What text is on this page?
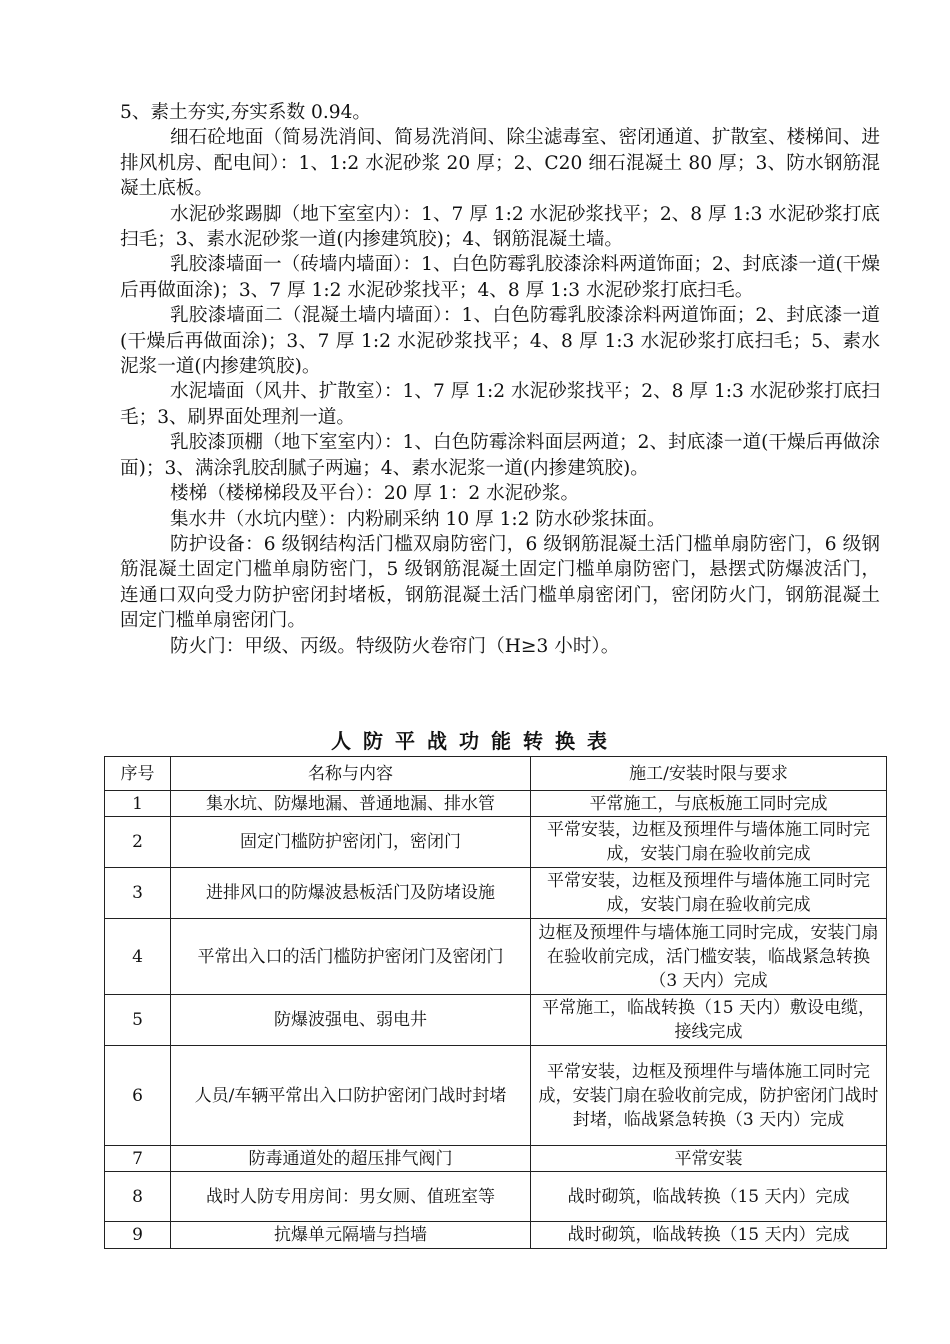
5、素土夯实,夯实系数 0.94。

细石砼地面（简易洗消间、简易洗消间、除尘滤毒室、密闭通道、扩散室、楼梯间、进排风机房、配电间）：1、1:2 水泥砂浆 20 厚；2、C20 细石混凝土 80 厚；3、防水钢筋混凝土底板。

水泥砂浆踢脚（地下室室内）：1、7 厚 1:2 水泥砂浆找平；2、8 厚 1:3 水泥砂浆打底扫毛；3、素水泥砂浆一道(内掺建筑胶)；4、钢筋混凝土墙。

乳胶漆墙面一（砖墙内墙面）：1、白色防霉乳胶漆涂料两道饰面；2、封底漆一道(干燥后再做面涂)；3、7 厚 1:2 水泥砂浆找平；4、8 厚 1:3 水泥砂浆打底扫毛。

乳胶漆墙面二（混凝土墙内墙面）：1、白色防霉乳胶漆涂料两道饰面；2、封底漆一道(干燥后再做面涂)；3、7 厚 1:2 水泥砂浆找平；4、8 厚 1:3 水泥砂浆打底扫毛；5、素水泥浆一道(内掺建筑胶)。

水泥墙面（风井、扩散室）：1、7 厚 1:2 水泥砂浆找平；2、8 厚 1:3 水泥砂浆打底扫毛；3、刷界面处理剂一道。

乳胶漆顶棚（地下室室内）：1、白色防霉涂料面层两道；2、封底漆一道(干燥后再做涂面)；3、满涂乳胶刮腻子两遍；4、素水泥浆一道(内掺建筑胶)。

楼梯（楼梯梯段及平台）：20 厚 1：2 水泥砂浆。

集水井（水坑内壁）：内粉刷采纳 10 厚 1:2 防水砂浆抹面。

防护设备：6 级钢结构活门槛双扇防密门，6 级钢筋混凝土活门槛单扇防密门，6 级钢筋混凝土固定门槛单扇防密门，5 级钢筋混凝土固定门槛单扇防密门，悬摆式防爆波活门，连通口双向受力防护密闭封堵板，钢筋混凝土活门槛单扇密闭门，密闭防火门，钢筋混凝土固定门槛单扇密闭门。

防火门：甲级、丙级。特级防火卷帘门（H≥3 小时）。

人防平战功能转换表
序号	名称与内容	施工/安装时限与要求
1	集水坑、防爆地漏、普通地漏、排水管	平常施工，与底板施工同时完成
2	固定门槛防护密闭门，密闭门	平常安装，边框及预埋件与墙体施工同时完成，安装门扇在验收前完成
3	进排风口的防爆波悬板活门及防堵设施	平常安装，边框及预埋件与墙体施工同时完成，安装门扇在验收前完成
4	平常出入口的活门槛防护密闭门及密闭门	边框及预埋件与墙体施工同时完成，安装门扇在验收前完成，活门槛安装，临战紧急转换（3 天内）完成
5	防爆波强电、弱电井	平常施工，临战转换（15 天内）敷设电缆，接线完成
6	人员/车辆平常出入口防护密闭门战时封堵	平常安装，边框及预埋件与墙体施工同时完成，安装门扇在验收前完成，防护密闭门战时封堵，临战紧急转换（3 天内）完成
7	防毒通道处的超压排气阀门	平常安装
8	战时人防专用房间：男女厕、值班室等	战时砌筑，临战转换（15 天内）完成
9	抗爆单元隔墙与挡墙	战时砌筑，临战转换（15 天内）完成
